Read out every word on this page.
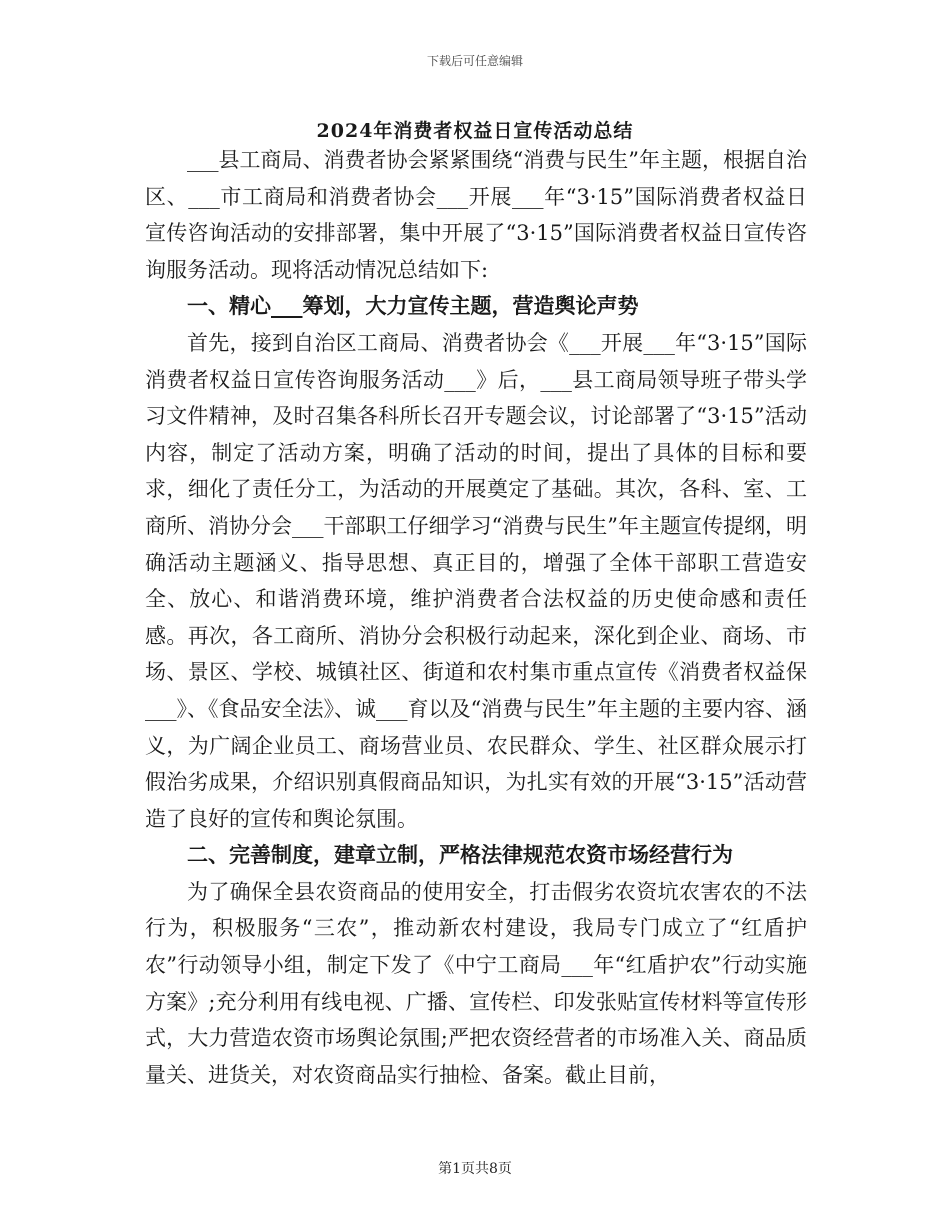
下载后可任意编辑
2024年消费者权益日宣传活动总结

___县工商局、消费者协会紧紧围绕“消费与民生”年主题，根据自治区、___市工商局和消费者协会___开展___年“3·15”国际消费者权益日宣传咨询活动的安排部署，集中开展了“3·15”国际消费者权益日宣传咨询服务活动。现将活动情况总结如下:

一、精心___筹划，大力宣传主题，营造舆论声势

首先，接到自治区工商局、消费者协会《___开展___年“3·15”国际消费者权益日宣传咨询服务活动___》后，___县工商局领导班子带头学习文件精神，及时召集各科所长召开专题会议，讨论部署了“3·15”活动内容，制定了活动方案，明确了活动的时间，提出了具体的目标和要求，细化了责任分工，为活动的开展奠定了基础。其次，各科、室、工商所、消协分会___干部职工仔细学习“消费与民生”年主题宣传提纲，明确活动主题涵义、指导思想、真正目的，增强了全体干部职工营造安全、放心、和谐消费环境，维护消费者合法权益的历史使命感和责任感。再次，各工商所、消协分会积极行动起来，深化到企业、商场、市场、景区、学校、城镇社区、街道和农村集市重点宣传《消费者权益保___》、《食品安全法》、诚___育以及“消费与民生”年主题的主要内容、涵义，为广阔企业员工、商场营业员、农民群众、学生、社区群众展示打假治劣成果，介绍识别真假商品知识，为扎实有效的开展“3·15”活动营造了良好的宣传和舆论氛围。

二、完善制度，建章立制，严格法律规范农资市场经营行为

为了确保全县农资商品的使用安全，打击假劣农资坑农害农的不法行为，积极服务“三农”，推动新农村建设，我局专门成立了“红盾护农”行动领导小组，制定下发了《中宁工商局___年“红盾护农”行动实施方案》;充分利用有线电视、广播、宣传栏、印发张贴宣传材料等宣传形式，大力营造农资市场舆论氛围;严把农资经营者的市场准入关、商品质量关、进货关，对农资商品实行抽检、备案。截止目前，

第1页共8页
